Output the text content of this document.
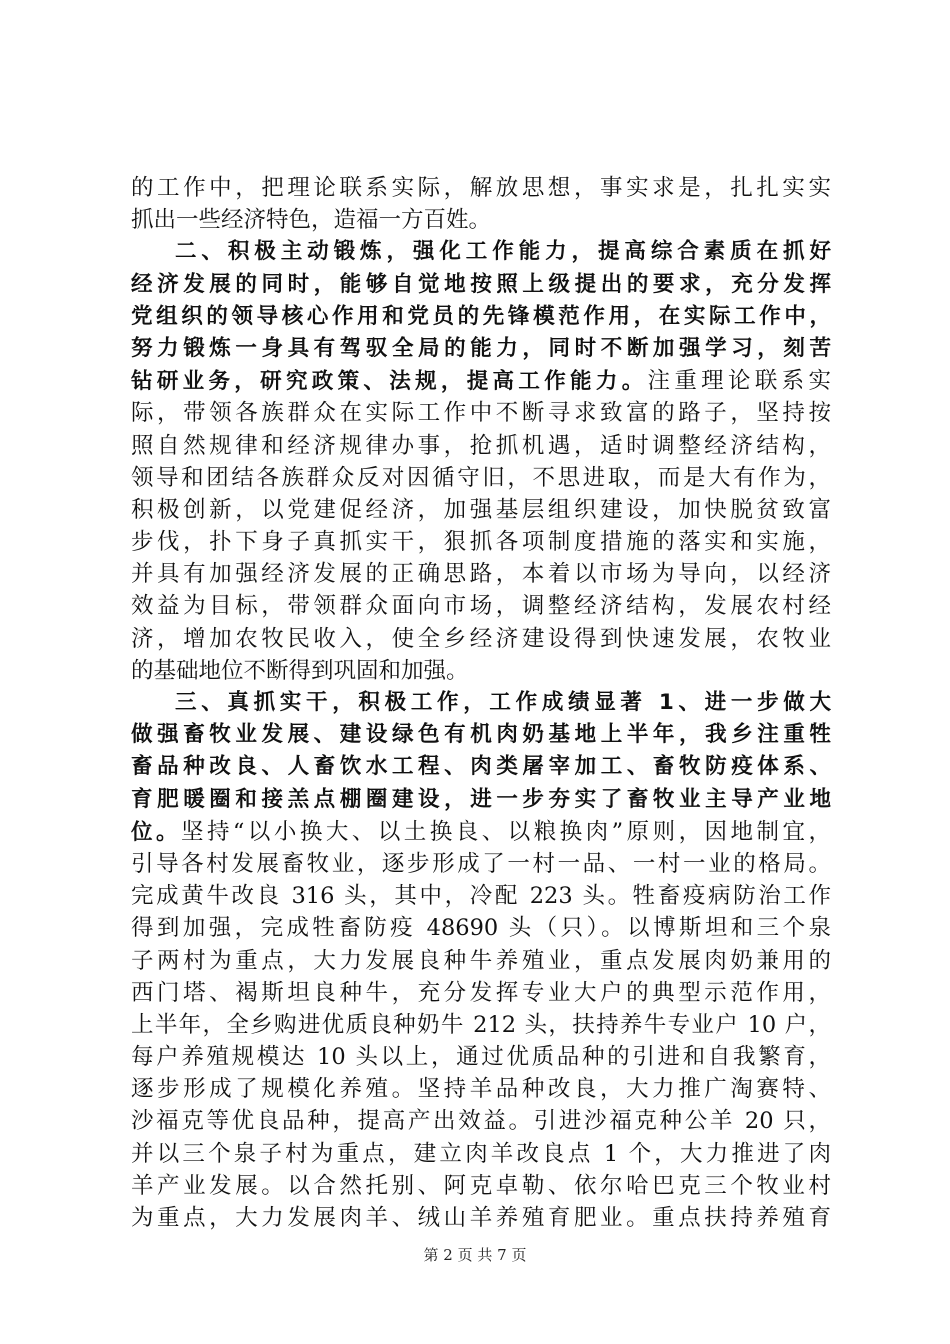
的工作中，把理论联系实际，解放思想，事实求是，扎扎实实
抓出一些经济特色，造福一方百姓。
二、积极主动锻炼，强化工作能力，提高综合素质在抓好
经济发展的同时，能够自觉地按照上级提出的要求，充分发挥
党组织的领导核心作用和党员的先锋模范作用，在实际工作中，
努力锻炼一身具有驾驭全局的能力，同时不断加强学习，刻苦
钻研业务，研究政策、法规，提高工作能力。注重理论联系实
际，带领各族群众在实际工作中不断寻求致富的路子，坚持按
照自然规律和经济规律办事，抢抓机遇，适时调整经济结构，
领导和团结各族群众反对因循守旧，不思进取，而是大有作为，
积极创新，以党建促经济，加强基层组织建设，加快脱贫致富
步伐，扑下身子真抓实干，狠抓各项制度措施的落实和实施，
并具有加强经济发展的正确思路，本着以市场为导向，以经济
效益为目标，带领群众面向市场，调整经济结构，发展农村经
济，增加农牧民收入，使全乡经济建设得到快速发展，农牧业
的基础地位不断得到巩固和加强。
三、真抓实干，积极工作，工作成绩显著 1、进一步做大
做强畜牧业发展、建设绿色有机肉奶基地上半年，我乡注重牲
畜品种改良、人畜饮水工程、肉类屠宰加工、畜牧防疫体系、
育肥暖圈和接羔点棚圈建设，进一步夯实了畜牧业主导产业地
位。坚持“以小换大、以土换良、以粮换肉”原则，因地制宜，
引导各村发展畜牧业，逐步形成了一村一品、一村一业的格局。
完成黄牛改良 316 头，其中，冷配 223 头。牲畜疫病防治工作
得到加强，完成牲畜防疫 48690 头（只）。以博斯坦和三个泉
子两村为重点，大力发展良种牛养殖业，重点发展肉奶兼用的
西门塔、褐斯坦良种牛，充分发挥专业大户的典型示范作用，
上半年，全乡购进优质良种奶牛 212 头，扶持养牛专业户 10 户，
每户养殖规模达 10 头以上，通过优质品种的引进和自我繁育，
逐步形成了规模化养殖。坚持羊品种改良，大力推广淘赛特、
沙福克等优良品种，提高产出效益。引进沙福克种公羊 20 只，
并以三个泉子村为重点，建立肉羊改良点 1 个，大力推进了肉
羊产业发展。以合然托别、阿克卓勒、依尔哈巴克三个牧业村
为重点，大力发展肉羊、绒山羊养殖育肥业。重点扶持养殖育
第 2 页 共 7 页
